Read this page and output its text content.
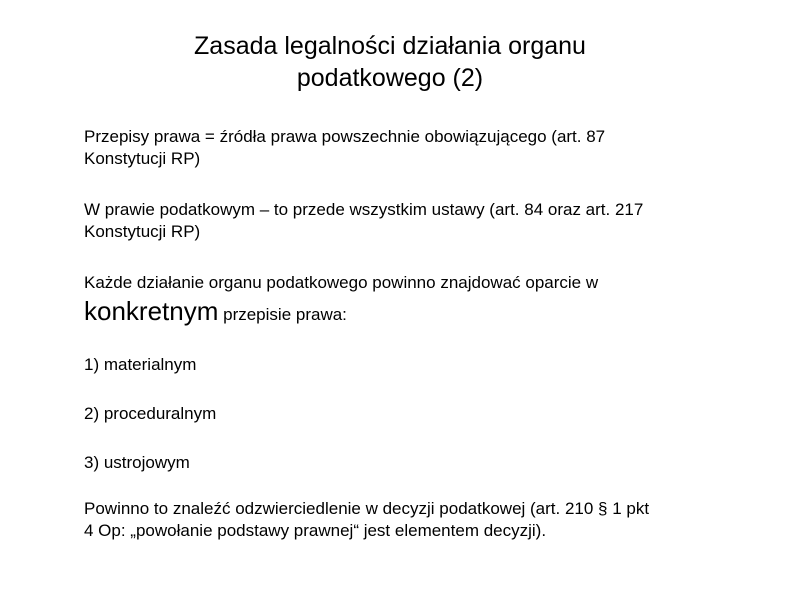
Zasada legalności działania organu
podatkowego (2)

Przepisy prawa = źródła prawa powszechnie obowiązującego (art. 87
Konstytucji RP)

W prawie podatkowym – to przede wszystkim ustawy (art. 84 oraz art. 217
Konstytucji RP)

Każde działanie organu podatkowego powinno znajdować oparcie w
konkretnym przepisie prawa:

1) materialnym

2) proceduralnym

3) ustrojowym

Powinno to znaleźć odzwierciedlenie w decyzji podatkowej (art. 210 § 1 pkt
4 Op: „powołanie podstawy prawnej“ jest elementem decyzji).
